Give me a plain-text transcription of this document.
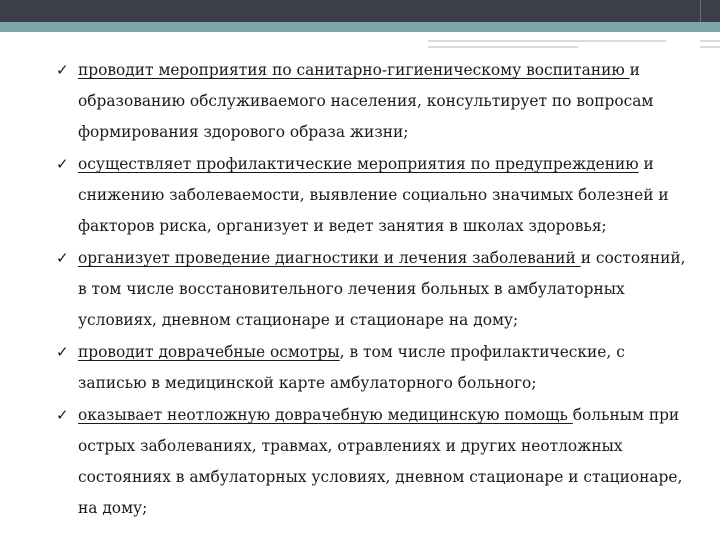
✓ проводит мероприятия по санитарно-гигиеническому воспитанию и образованию обслуживаемого населения, консультирует по вопросам формирования здорового образа жизни;
✓ осуществляет профилактические мероприятия по предупреждению и снижению заболеваемости, выявление социально значимых болезней и факторов риска, организует и ведет занятия в школах здоровья;
✓ организует проведение диагностики и лечения заболеваний и состояний, в том числе восстановительного лечения больных в амбулаторных условиях, дневном стационаре и стационаре на дому;
✓ проводит доврачебные осмотры, в том числе профилактические, с записью в медицинской карте амбулаторного больного;
✓ оказывает неотложную доврачебную медицинскую помощь больным при острых заболеваниях, травмах, отравлениях и других неотложных состояниях в амбулаторных условиях, дневном стационаре и стационаре, на дому;
